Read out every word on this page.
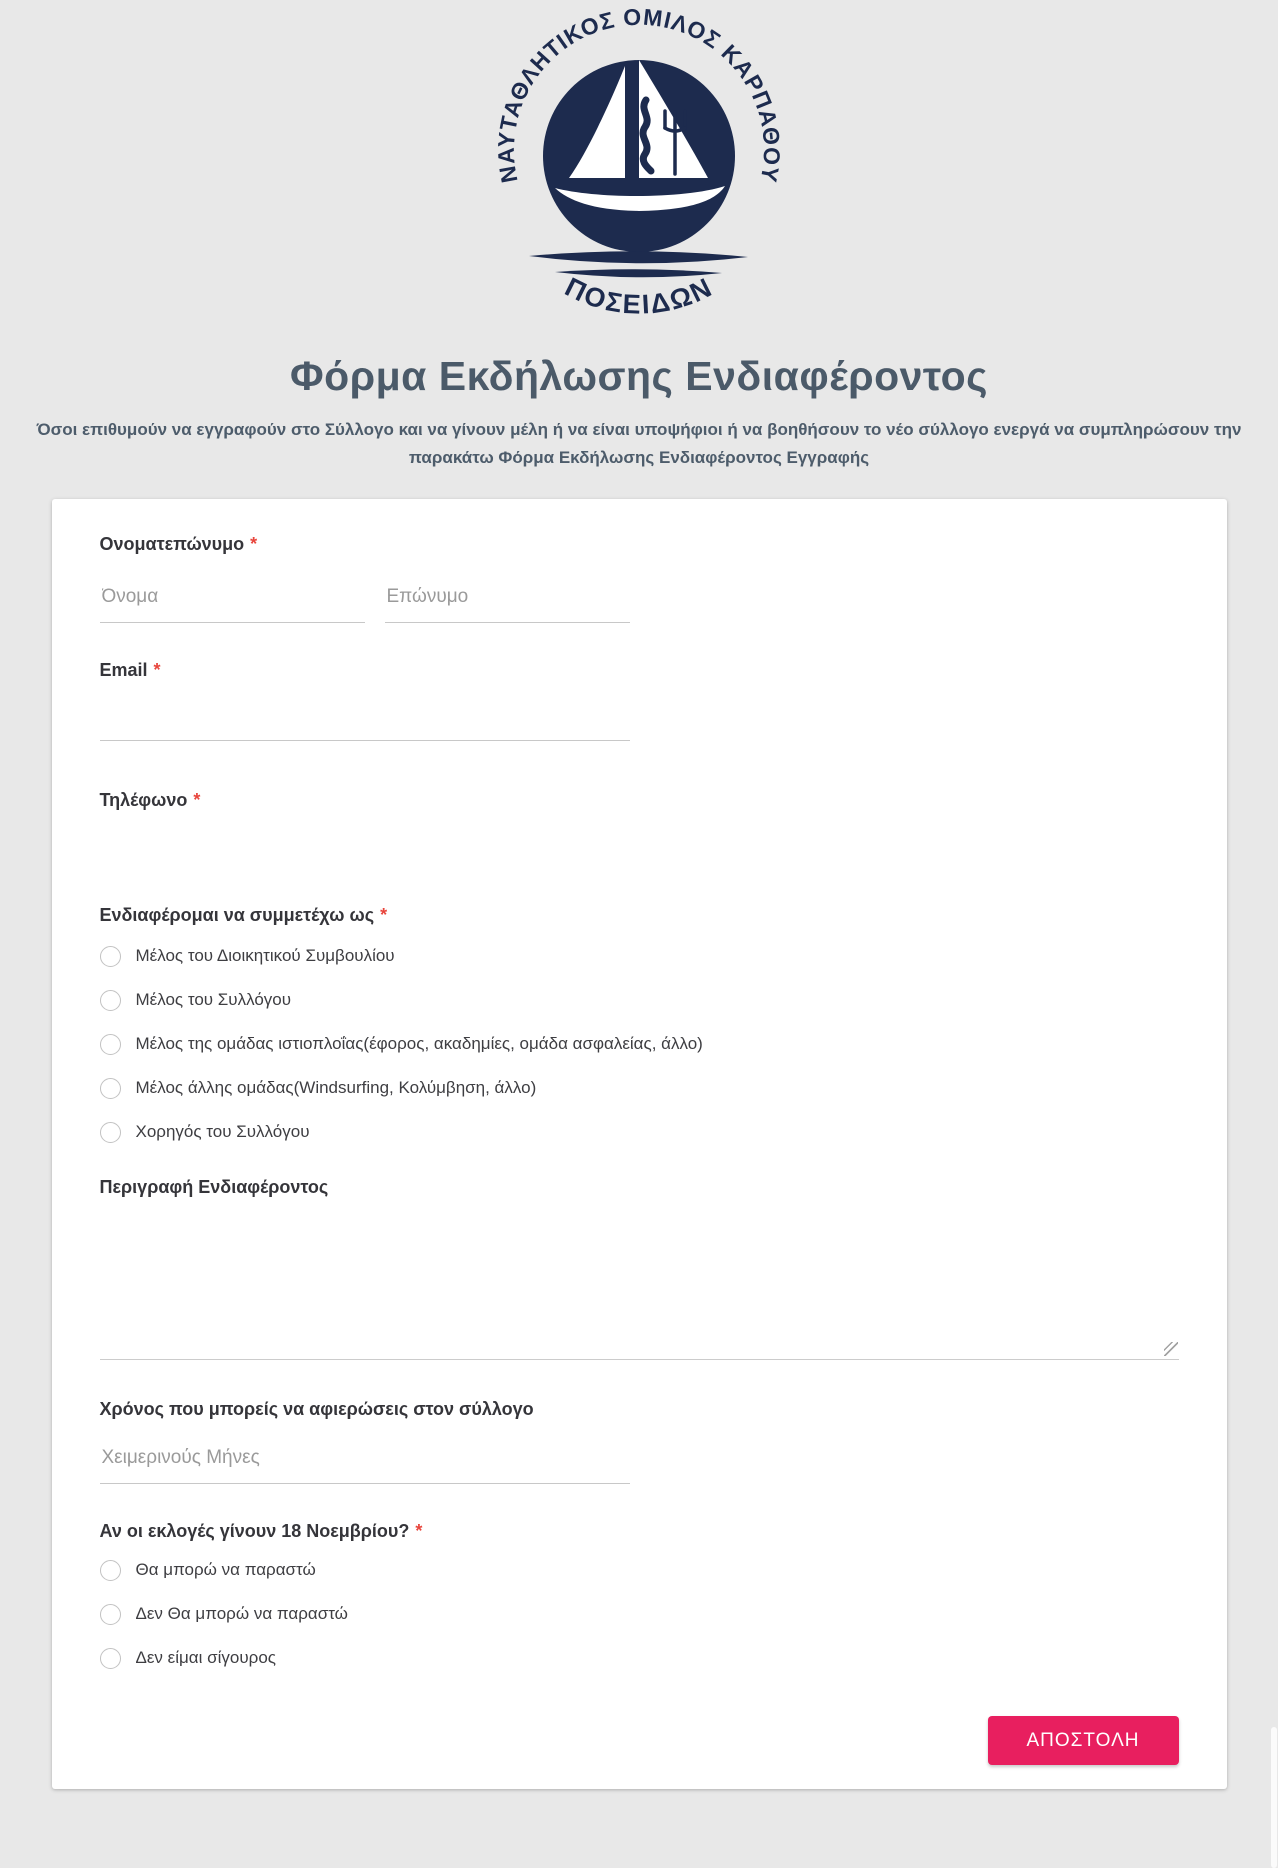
ΝΑΥΤΑΘΛΗΤΙΚΟΣ ΟΜΙΛΟΣ ΚΑΡΠΑΘΟΥ
ΠΟΣΕΙΔΩΝ
Φόρμα Εκδήλωσης Ενδιαφέροντος
Όσοι επιθυμούν να εγγραφούν στο Σύλλογο και να γίνουν μέλη ή να είναι υποψήφιοι ή να βοηθήσουν το νέο σύλλογο ενεργά να συμπληρώσουν την παρακάτω Φόρμα Εκδήλωσης Ενδιαφέροντος Εγγραφής
Ονοματεπώνυμο *
Όνομα
Επώνυμο
Email *
Τηλέφωνο *
Ενδιαφέρομαι να συμμετέχω ως *
Μέλος του Διοικητικού Συμβουλίου
Μέλος του Συλλόγου
Μέλος της ομάδας ιστιοπλοΐας(έφορος, ακαδημίες, ομάδα ασφαλείας, άλλο)
Μέλος άλλης ομάδας(Windsurfing, Κολύμβηση, άλλο)
Χορηγός του Συλλόγου
Περιγραφή Ενδιαφέροντος
Χρόνος που μπορείς να αφιερώσεις στον σύλλογο
Χειμερινούς Μήνες
Αν οι εκλογές γίνουν 18 Νοεμβρίου? *
Θα μπορώ να παραστώ
Δεν Θα μπορώ να παραστώ
Δεν είμαι σίγουρος
ΑΠΟΣΤΟΛΗ
